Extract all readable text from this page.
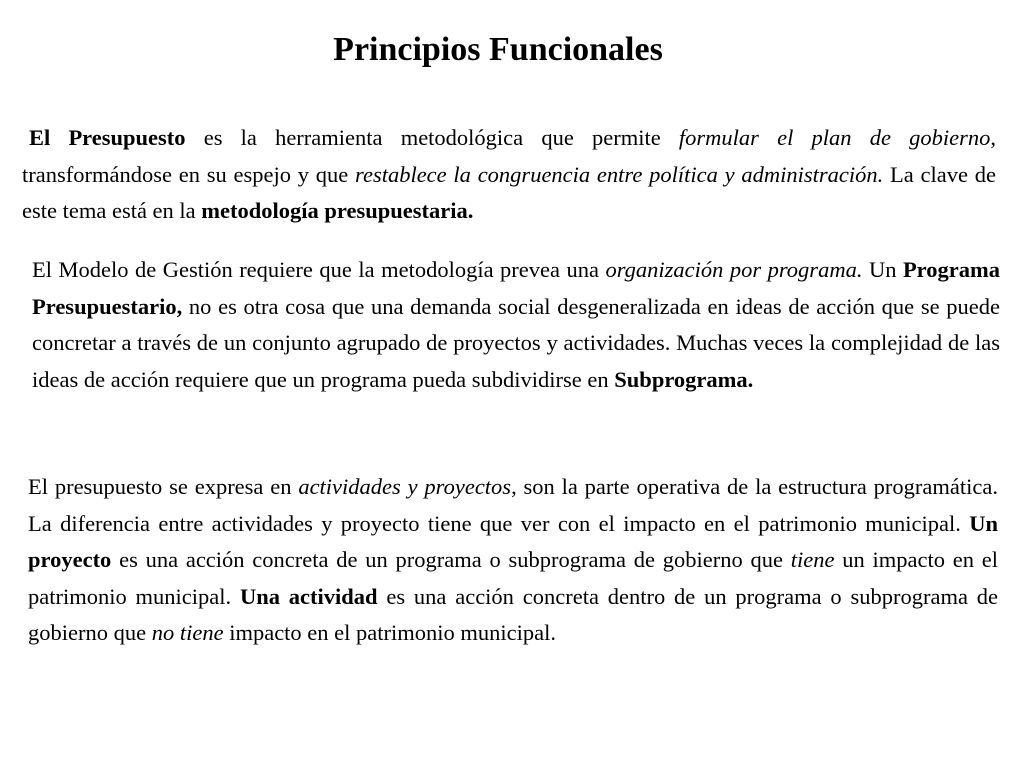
Principios Funcionales

El Presupuesto es la herramienta metodológica que permite formular el plan de gobierno, transformándose en su espejo y que restablece la congruencia entre política y administración. La clave de este tema está en la metodología presupuestaria.

El Modelo de Gestión requiere que la metodología prevea una organización por programa. Un Programa Presupuestario, no es otra cosa que una demanda social desgeneralizada en ideas de acción que se puede concretar a través de un conjunto agrupado de proyectos y actividades. Muchas veces la complejidad de las ideas de acción requiere que un programa pueda subdividirse en Subprograma.

El presupuesto se expresa en actividades y proyectos, son la parte operativa de la estructura programática. La diferencia entre actividades y proyecto tiene que ver con el impacto en el patrimonio municipal. Un proyecto es una acción concreta de un programa o subprograma de gobierno que tiene un impacto en el patrimonio municipal. Una actividad es una acción concreta dentro de un programa o subprograma de gobierno que no tiene impacto en el patrimonio municipal.
